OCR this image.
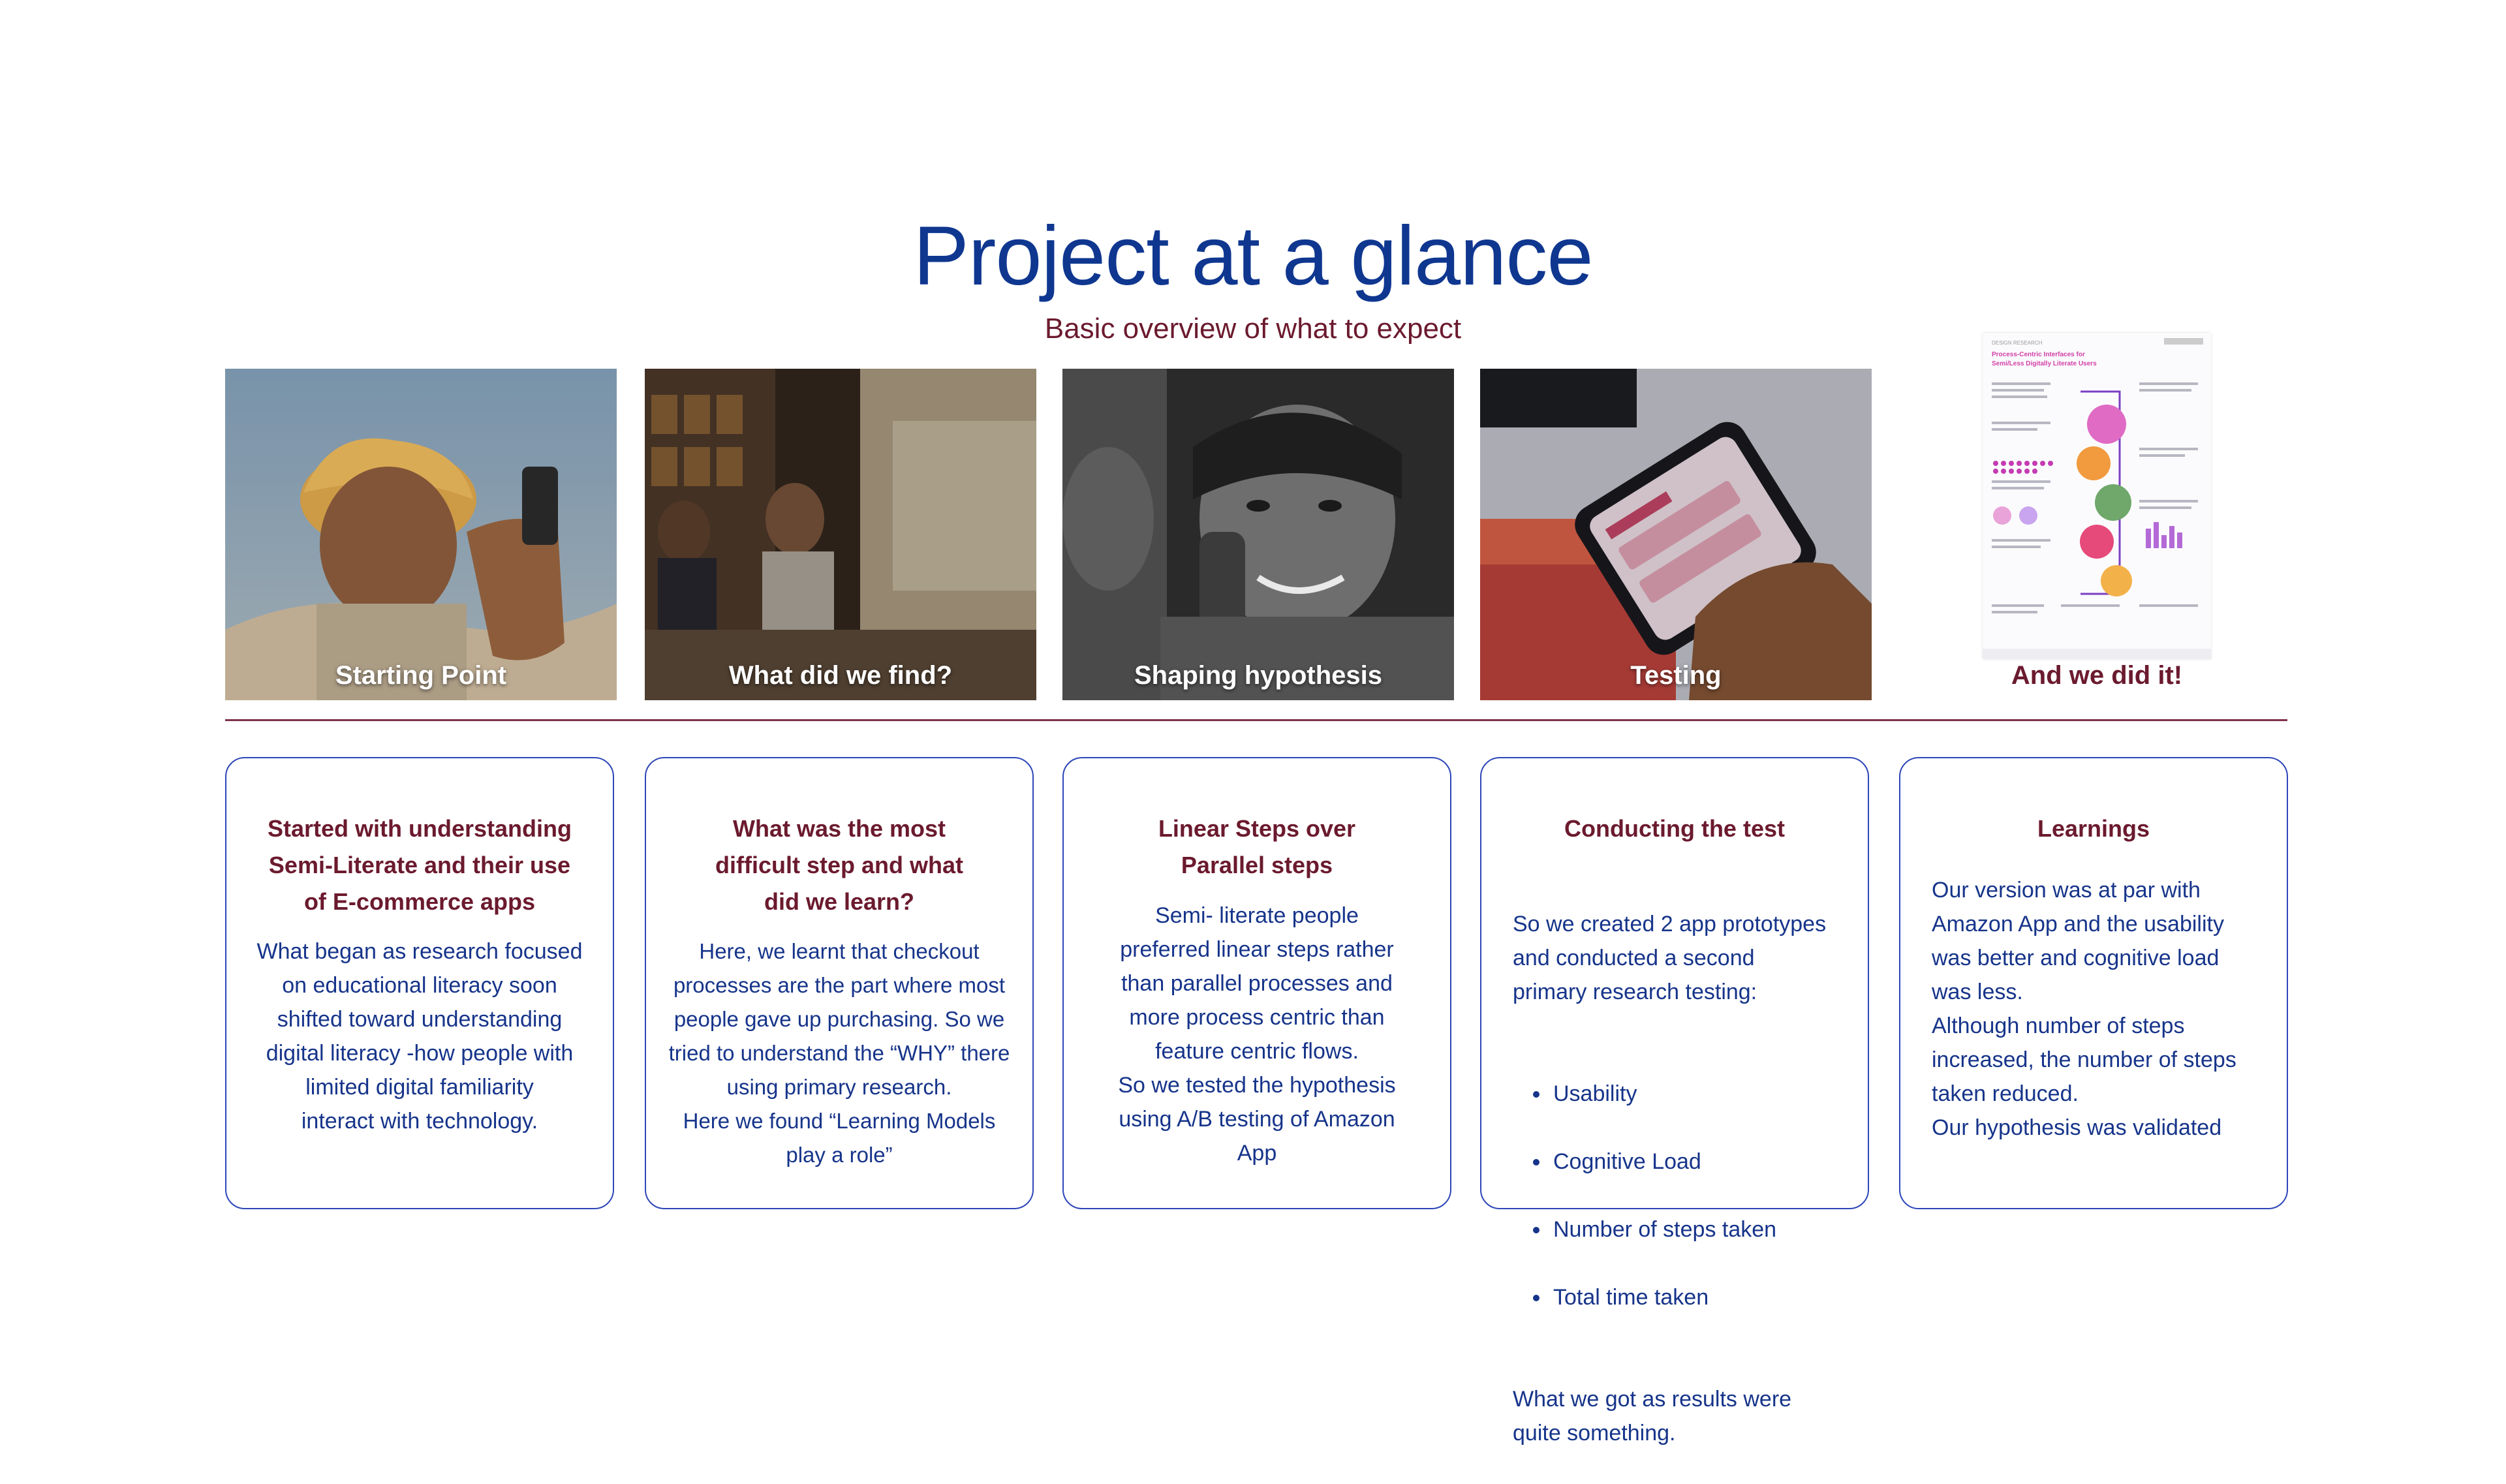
Project at a glance
Basic overview of what to expect
Starting Point	What did we find?	Shaping hypothesis	Testing
DESIGN RESEARCH
Process-Centric Interfaces for
Semi/Less Digitally Literate Users
And we did it!
Started with understanding
Semi-Literate and their use
of E-commerce apps
What began as research focused
on educational literacy soon
shifted toward understanding
digital literacy -how people with
limited digital familiarity
interact with technology.
What was the most
difficult step and what
did we learn?
Here, we learnt that checkout
processes are the part where most
people gave up purchasing. So we
tried to understand the “WHY” there
using primary research.
Here we found “Learning Models
play a role”
Linear Steps over
Parallel steps
Semi- literate people
preferred linear steps rather
than parallel processes and
more process centric than
feature centric flows.
So we tested the hypothesis
using A/B testing of Amazon
App
Conducting the test

So we created 2 app prototypes
and conducted a second
primary research testing:

• Usability

• Cognitive Load

• Number of steps taken

• Total time taken

What we got as results were
quite something.

Learnings
Our version was at par with
Amazon App and the usability
was better and cognitive load
was less.
Although number of steps
increased, the number of steps
taken reduced.
Our hypothesis was validated
